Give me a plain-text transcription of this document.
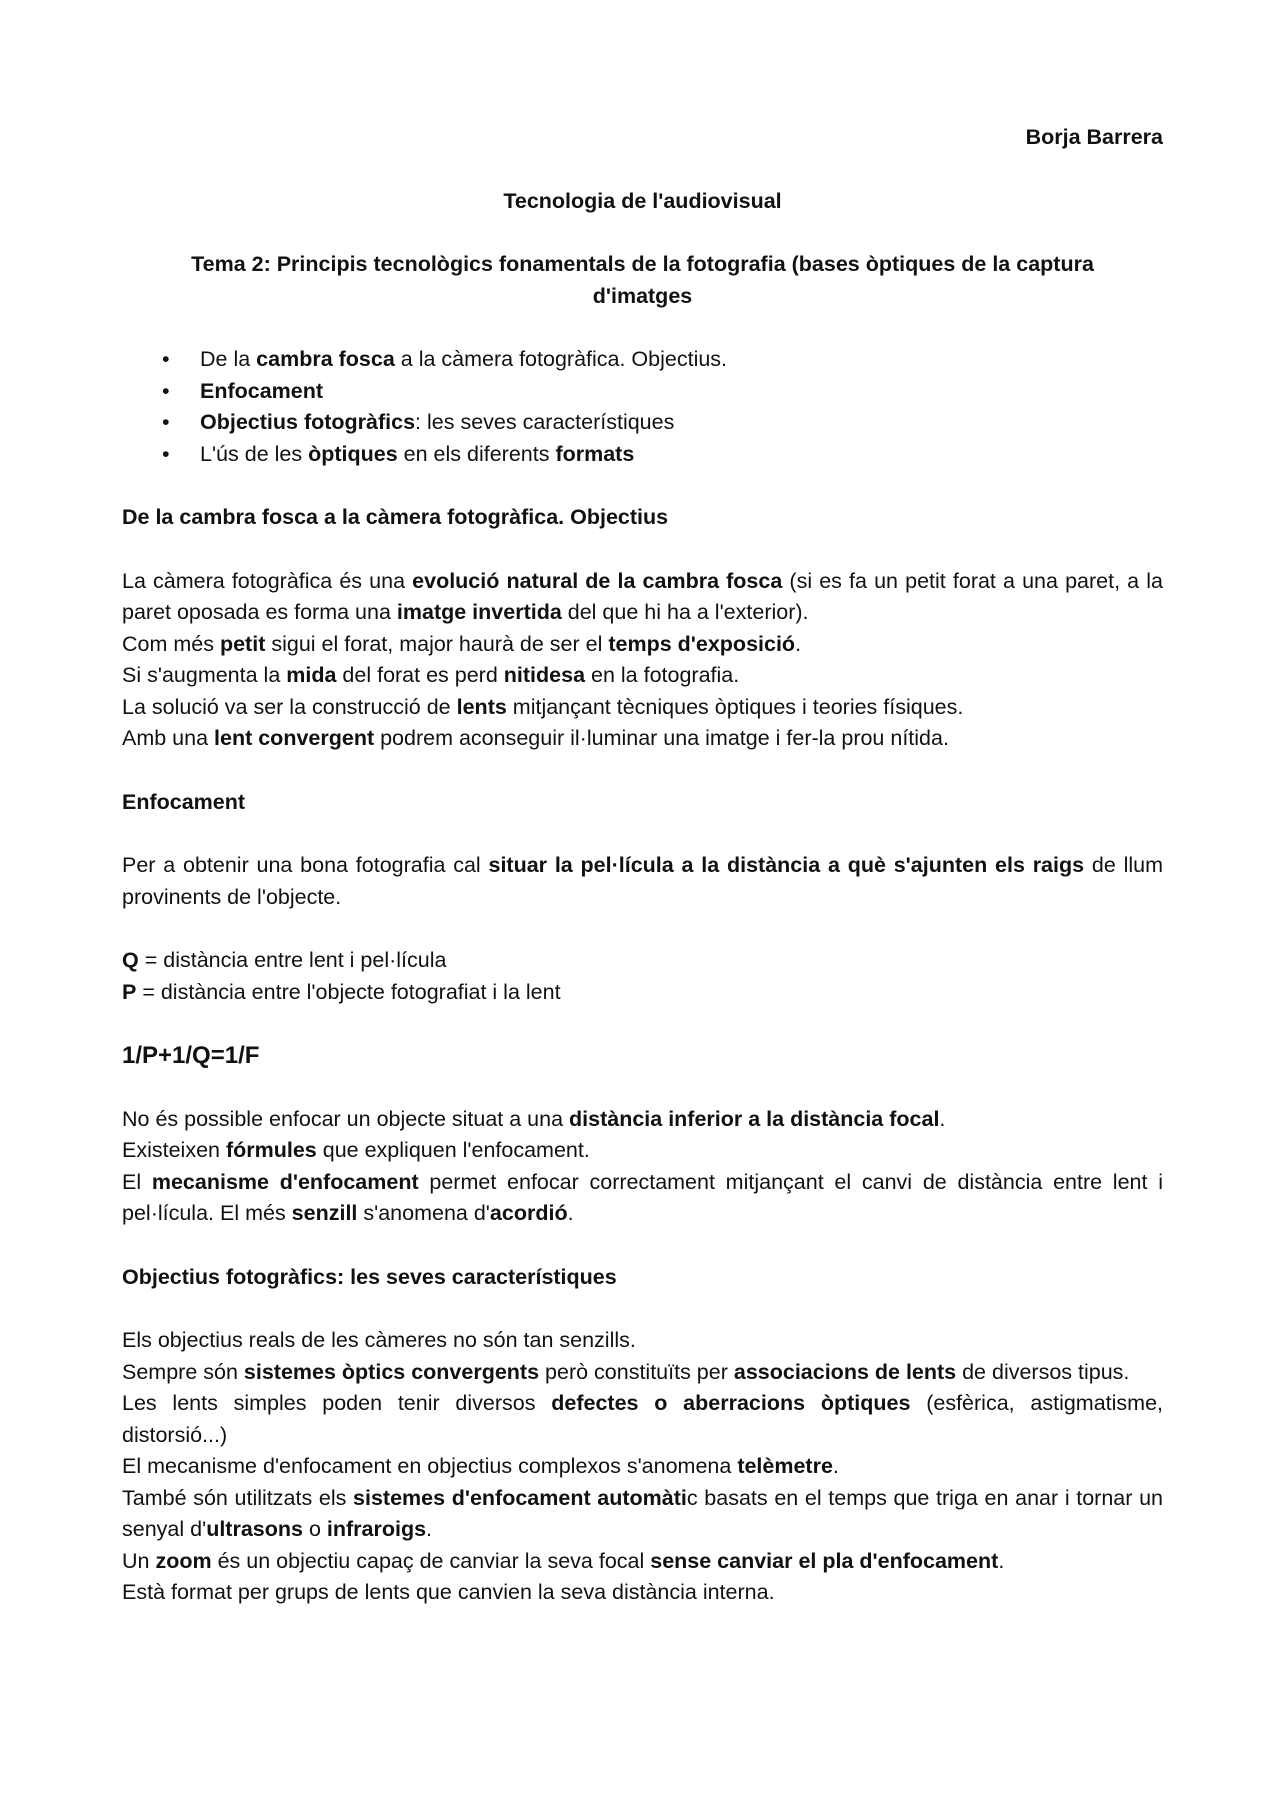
Borja Barrera
Tecnologia de l'audiovisual
Tema 2: Principis tecnològics fonamentals de la fotografia (bases òptiques de la captura d'imatges
• De la cambra fosca a la càmera fotogràfica. Objectius.
• Enfocament
• Objectius fotogràfics: les seves característiques
• L'ús de les òptiques en els diferents formats
De la cambra fosca a la càmera fotogràfica. Objectius
La càmera fotogràfica és una evolució natural de la cambra fosca (si es fa un petit forat a una paret, a la paret oposada es forma una imatge invertida del que hi ha a l'exterior).
Com més petit sigui el forat, major haurà de ser el temps d'exposició.
Si s'augmenta la mida del forat es perd nitidesa en la fotografia.
La solució va ser la construcció de lents mitjançant tècniques òptiques i teories físiques.
Amb una lent convergent podrem aconseguir il·luminar una imatge i fer-la prou nítida.
Enfocament
Per a obtenir una bona fotografia cal situar la pel·lícula a la distància a què s'ajunten els raigs de llum provinents de l'objecte.
Q = distància entre lent i pel·lícula
P = distància entre l'objecte fotografiat i la lent
1/P+1/Q=1/F
No és possible enfocar un objecte situat a una distància inferior a la distància focal.
Existeixen fórmules que expliquen l'enfocament.
El mecanisme d'enfocament permet enfocar correctament mitjançant el canvi de distància entre lent i pel·lícula. El més senzill s'anomena d'acordió.
Objectius fotogràfics: les seves característiques
Els objectius reals de les càmeres no són tan senzills.
Sempre són sistemes òptics convergents però constituïts per associacions de lents de diversos tipus.
Les lents simples poden tenir diversos defectes o aberracions òptiques (esfèrica, astigmatisme, distorsió...)
El mecanisme d'enfocament en objectius complexos s'anomena telèmetre.
També són utilitzats els sistemes d'enfocament automàtic basats en el temps que triga en anar i tornar un senyal d'ultrasons o infraroigs.
Un zoom és un objectiu capaç de canviar la seva focal sense canviar el pla d'enfocament.
Està format per grups de lents que canvien la seva distància interna.
